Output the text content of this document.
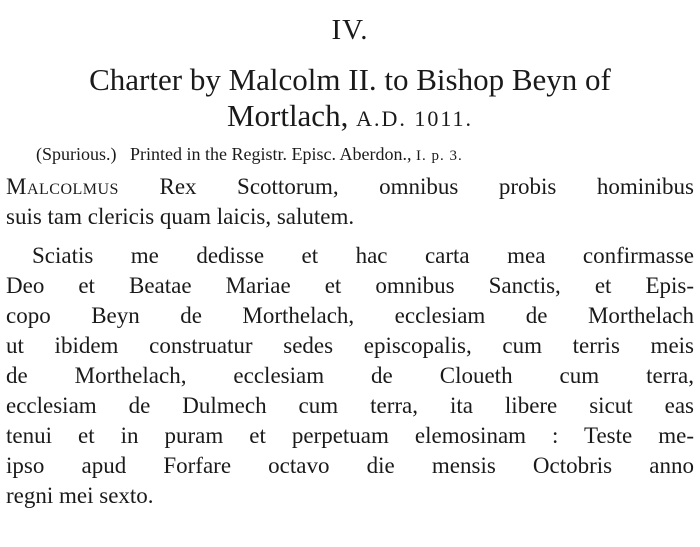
IV.
Charter by Malcolm II. to Bishop Beyn of
Mortlach, A.D. 1011.
(Spurious.) Printed in the Registr. Episc. Aberdon., I. p. 3.
Malcolmus Rex Scottorum, omnibus probis hominibus
suis tam clericis quam laicis, salutem.
Sciatis me dedisse et hac carta mea confirmasse
Deo et Beatae Mariae et omnibus Sanctis, et Epis-
copo Beyn de Morthelach, ecclesiam de Morthelach
ut ibidem construatur sedes episcopalis, cum terris meis
de Morthelach, ecclesiam de Cloueth cum terra,
ecclesiam de Dulmech cum terra, ita libere sicut eas
tenui et in puram et perpetuam elemosinam : Teste me-
ipso apud Forfare octavo die mensis Octobris anno
regni mei sexto.
